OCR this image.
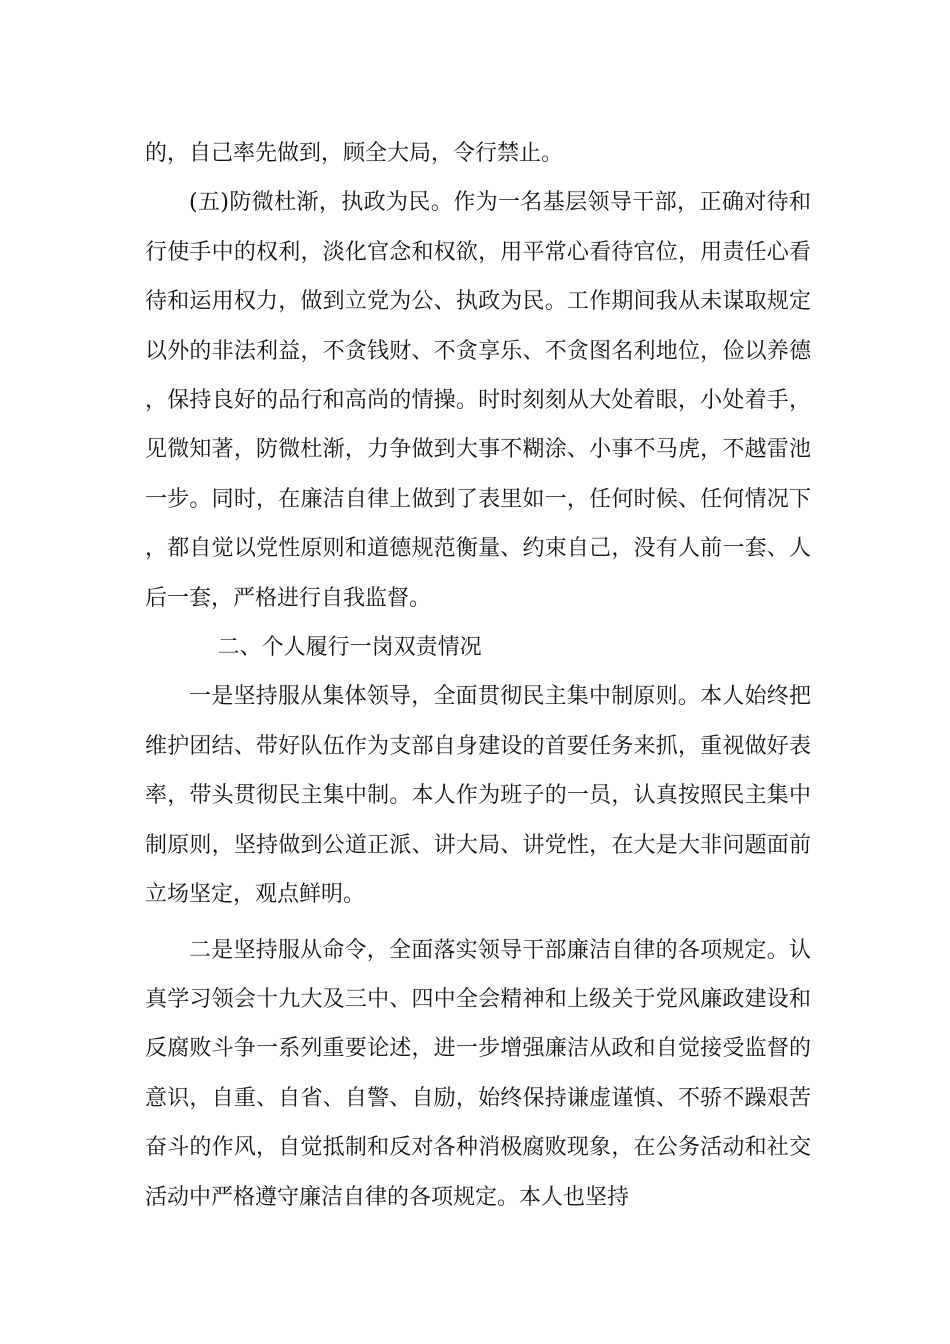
的，自己率先做到，顾全大局，令行禁止。

(五)防微杜渐，执政为民。作为一名基层领导干部，正确对待和行使手中的权利，淡化官念和权欲，用平常心看待官位，用责任心看待和运用权力，做到立党为公、执政为民。工作期间我从未谋取规定以外的非法利益，不贪钱财、不贪享乐、不贪图名利地位，俭以养德，保持良好的品行和高尚的情操。时时刻刻从大处着眼，小处着手，见微知著，防微杜渐，力争做到大事不糊涂、小事不马虎，不越雷池一步。同时，在廉洁自律上做到了表里如一，任何时候、任何情况下，都自觉以党性原则和道德规范衡量、约束自己，没有人前一套、人后一套，严格进行自我监督。

二、个人履行一岗双责情况

一是坚持服从集体领导，全面贯彻民主集中制原则。本人始终把维护团结、带好队伍作为支部自身建设的首要任务来抓，重视做好表率，带头贯彻民主集中制。本人作为班子的一员，认真按照民主集中制原则，坚持做到公道正派、讲大局、讲党性，在大是大非问题面前立场坚定，观点鲜明。

二是坚持服从命令，全面落实领导干部廉洁自律的各项规定。认真学习领会十九大及三中、四中全会精神和上级关于党风廉政建设和反腐败斗争一系列重要论述，进一步增强廉洁从政和自觉接受监督的意识，自重、自省、自警、自励，始终保持谦虚谨慎、不骄不躁艰苦奋斗的作风，自觉抵制和反对各种消极腐败现象，在公务活动和社交活动中严格遵守廉洁自律的各项规定。本人也坚持
